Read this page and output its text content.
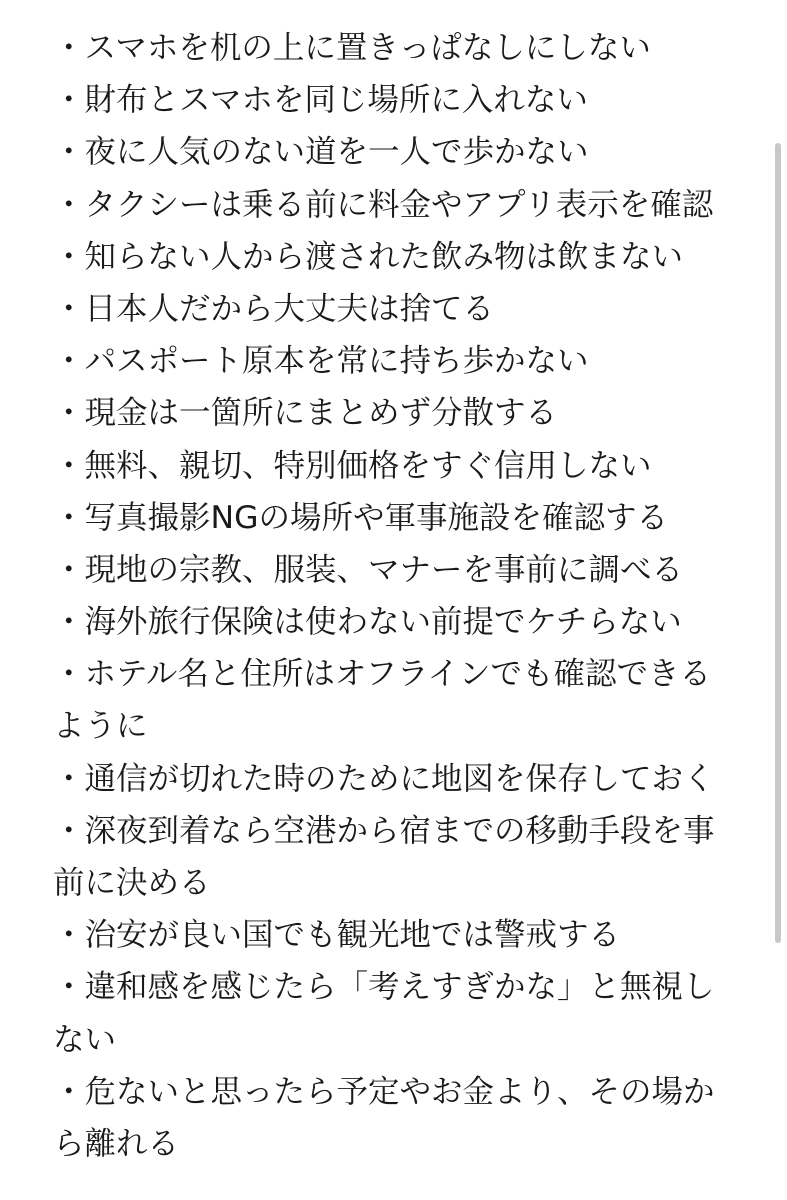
・スマホを机の上に置きっぱなしにしない
・財布とスマホを同じ場所に入れない
・夜に人気のない道を一人で歩かない
・タクシーは乗る前に料金やアプリ表示を確認
・知らない人から渡された飲み物は飲まない
・日本人だから大丈夫は捨てる
・パスポート原本を常に持ち歩かない
・現金は一箇所にまとめず分散する
・無料、親切、特別価格をすぐ信用しない
・写真撮影NGの場所や軍事施設を確認する
・現地の宗教、服装、マナーを事前に調べる
・海外旅行保険は使わない前提でケチらない
・ホテル名と住所はオフラインでも確認できる
ように
・通信が切れた時のために地図を保存しておく
・深夜到着なら空港から宿までの移動手段を事
前に決める
・治安が良い国でも観光地では警戒する
・違和感を感じたら「考えすぎかな」と無視し
ない
・危ないと思ったら予定やお金より、その場か
ら離れる
